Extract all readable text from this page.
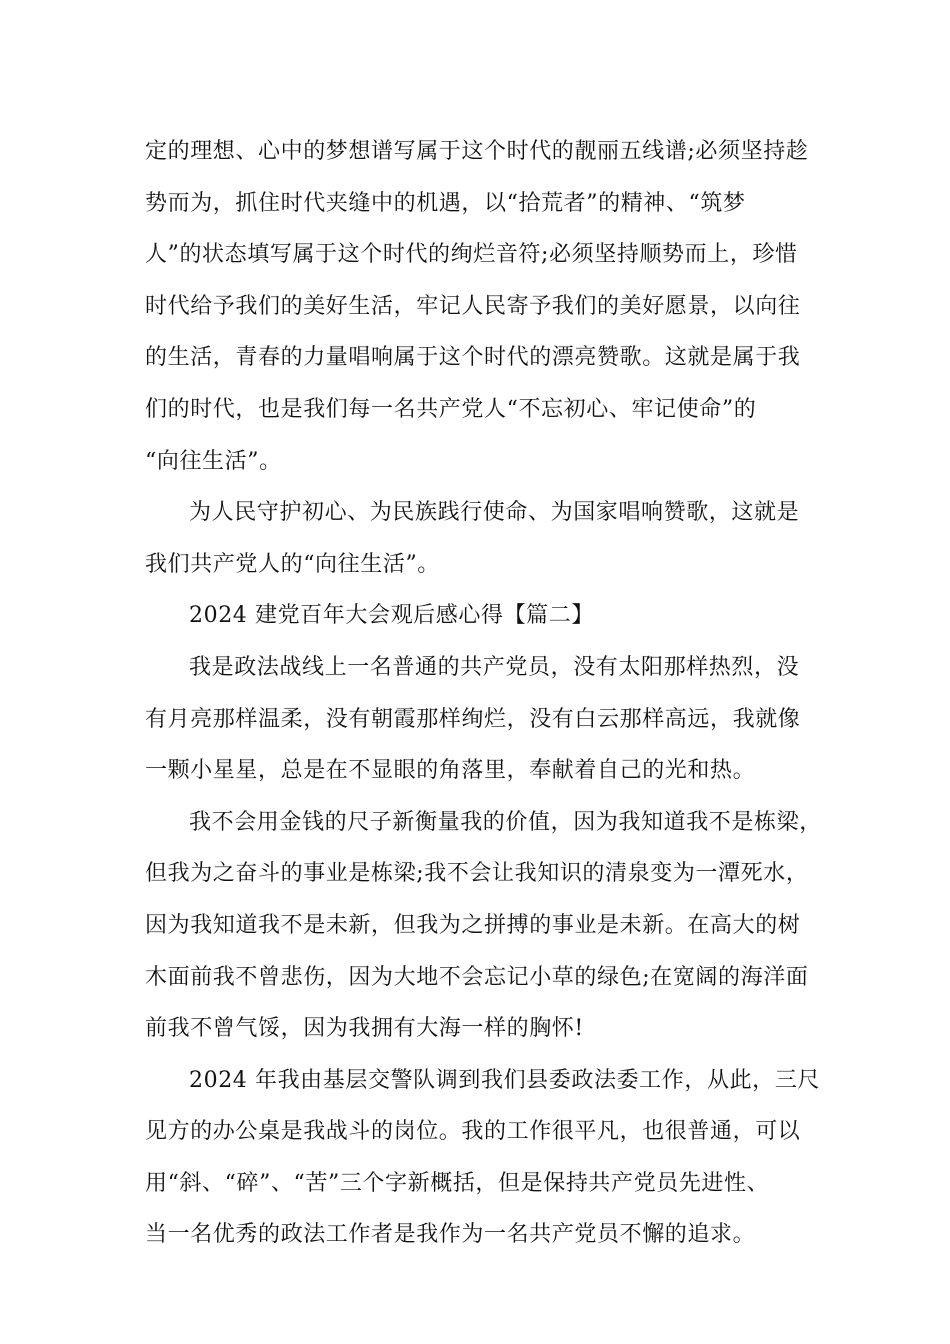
定的理想、心中的梦想谱写属于这个时代的靓丽五线谱;必须坚持趁
势而为，抓住时代夹缝中的机遇，以“拾荒者”的精神、“筑梦
人”的状态填写属于这个时代的绚烂音符;必须坚持顺势而上，珍惜
时代给予我们的美好生活，牢记人民寄予我们的美好愿景，以向往
的生活，青春的力量唱响属于这个时代的漂亮赞歌。这就是属于我
们的时代，也是我们每一名共产党人“不忘初心、牢记使命”的
“向往生活”。
为人民守护初心、为民族践行使命、为国家唱响赞歌，这就是
我们共产党人的“向往生活”。
2024 建党百年大会观后感心得【篇二】
我是政法战线上一名普通的共产党员，没有太阳那样热烈，没
有月亮那样温柔，没有朝霞那样绚烂，没有白云那样高远，我就像
一颗小星星，总是在不显眼的角落里，奉献着自己的光和热。
我不会用金钱的尺子新衡量我的价值，因为我知道我不是栋梁，
但我为之奋斗的事业是栋梁;我不会让我知识的清泉变为一潭死水，
因为我知道我不是未新，但我为之拼搏的事业是未新。在高大的树
木面前我不曾悲伤，因为大地不会忘记小草的绿色;在宽阔的海洋面
前我不曾气馁，因为我拥有大海一样的胸怀!
2024 年我由基层交警队调到我们县委政法委工作，从此，三尺
见方的办公桌是我战斗的岗位。我的工作很平凡，也很普通，可以
用“斜、“碎”、“苦”三个字新概括，但是保持共产党员先进性、
当一名优秀的政法工作者是我作为一名共产党员不懈的追求。
